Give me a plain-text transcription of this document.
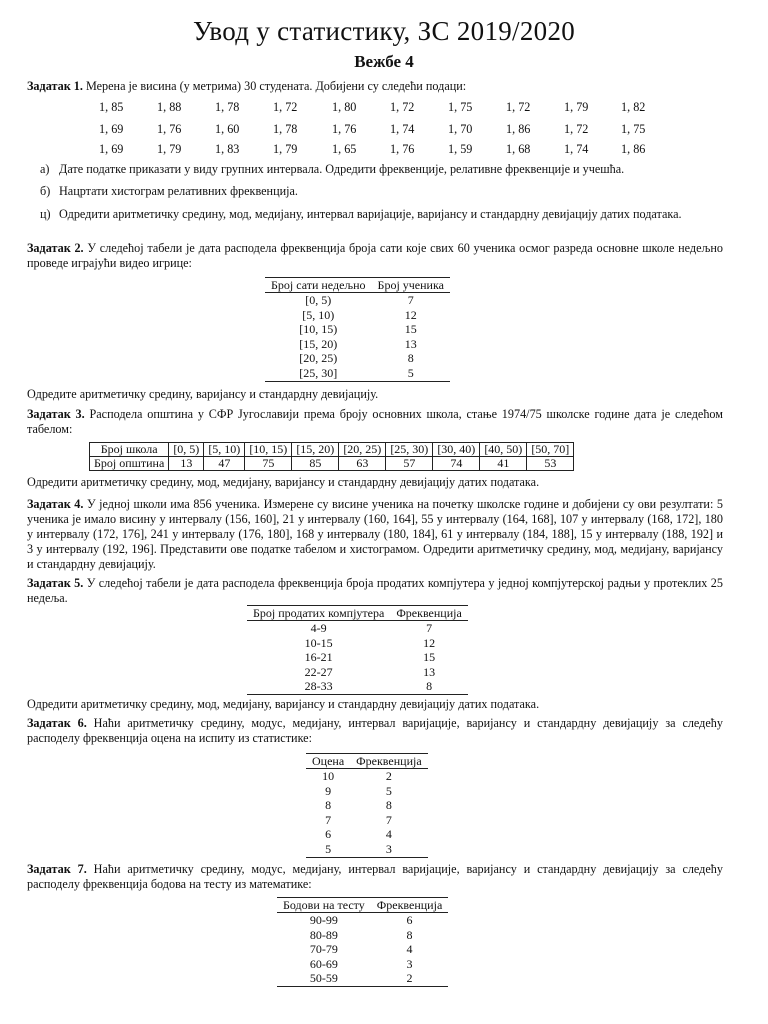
Увод у статистику, ЗС 2019/2020
Вежбе 4
Задатак 1. Мерена је висина (у метрима) 30 студената. Добијени су следећи подаци:
1, 85	1, 88	1, 78	1, 72	1, 80	1, 72	1, 75	1, 72	1, 79	1, 82
1, 69	1, 76	1, 60	1, 78	1, 76	1, 74	1, 70	1, 86	1, 72	1, 75
1, 69	1, 79	1, 83	1, 79	1, 65	1, 76	1, 59	1, 68	1, 74	1, 86
а) Дате податке приказати у виду групних интервала. Одредити фреквенције, релативне фреквенције и учешћа.
б) Нацртати хистограм релативних фреквенција.
ц) Одредити аритметичку средину, мод, медијану, интервал варијације, варијансу и стандардну девијацију датих података.
Задатак 2. У следећој табели је дата расподела фреквенција броја сати које свих 60 ученика осмог разреда основне школе недељно проведе играјући видео игрице:
Број сати недељно	Број ученика
[0, 5)	7
[5, 10)	12
[10, 15)	15
[15, 20)	13
[20, 25)	8
[25, 30]	5
Одредите аритметичку средину, варијансу и стандардну девијацију.
Задатак 3. Расподела општина у СФР Југославији према броју основних школа, стање 1974/75 школске године дата је следећом табелом:
Број школа	[0, 5)	[5, 10)	[10, 15)	[15, 20)	[20, 25)	[25, 30)	[30, 40)	[40, 50)	[50, 70]
Број општина	13	47	75	85	63	57	74	41	53
Одредити аритметичку средину, мод, медијану, варијансу и стандардну девијацију датих података.
Задатак 4. У једној школи има 856 ученика. Измерене су висине ученика на почетку школске године и добијени су ови резултати: 5 ученика је имало висину у интервалу (156, 160], 21 у интервалу (160, 164], 55 у интервалу (164, 168], 107 у интервалу (168, 172], 180 у интервалу (172, 176], 241 у интервалу (176, 180], 168 у интервалу (180, 184], 61 у интервалу (184, 188], 15 у интервалу (188, 192] и 3 у интервалу (192, 196]. Представити ове податке табелом и хистограмом. Одредити аритметичку средину, мод, медијану, варијансу и стандардну девијацију.
Задатак 5. У следећој табели је дата расподела фреквенција броја продатих компјутера у једној компјутерској радњи у протеклих 25 недеља.
Број продатих компјутера	Фреквенција
4-9	7
10-15	12
16-21	15
22-27	13
28-33	8
Одредити аритметичку средину, мод, медијану, варијансу и стандардну девијацију датих података.
Задатак 6. Наћи аритметичку средину, модус, медијану, интервал варијације, варијансу и стандардну девијацију за следећу расподелу фреквенција оцена на испиту из статистике:
Оцена	Фреквенција
10	2
9	5
8	8
7	7
6	4
5	3
Задатак 7. Наћи аритметичку средину, модус, медијану, интервал варијације, варијансу и стандардну девијацију за следећу расподелу фреквенција бодова на тесту из математике:
Бодови на тесту	Фреквенција
90-99	6
80-89	8
70-79	4
60-69	3
50-59	2
